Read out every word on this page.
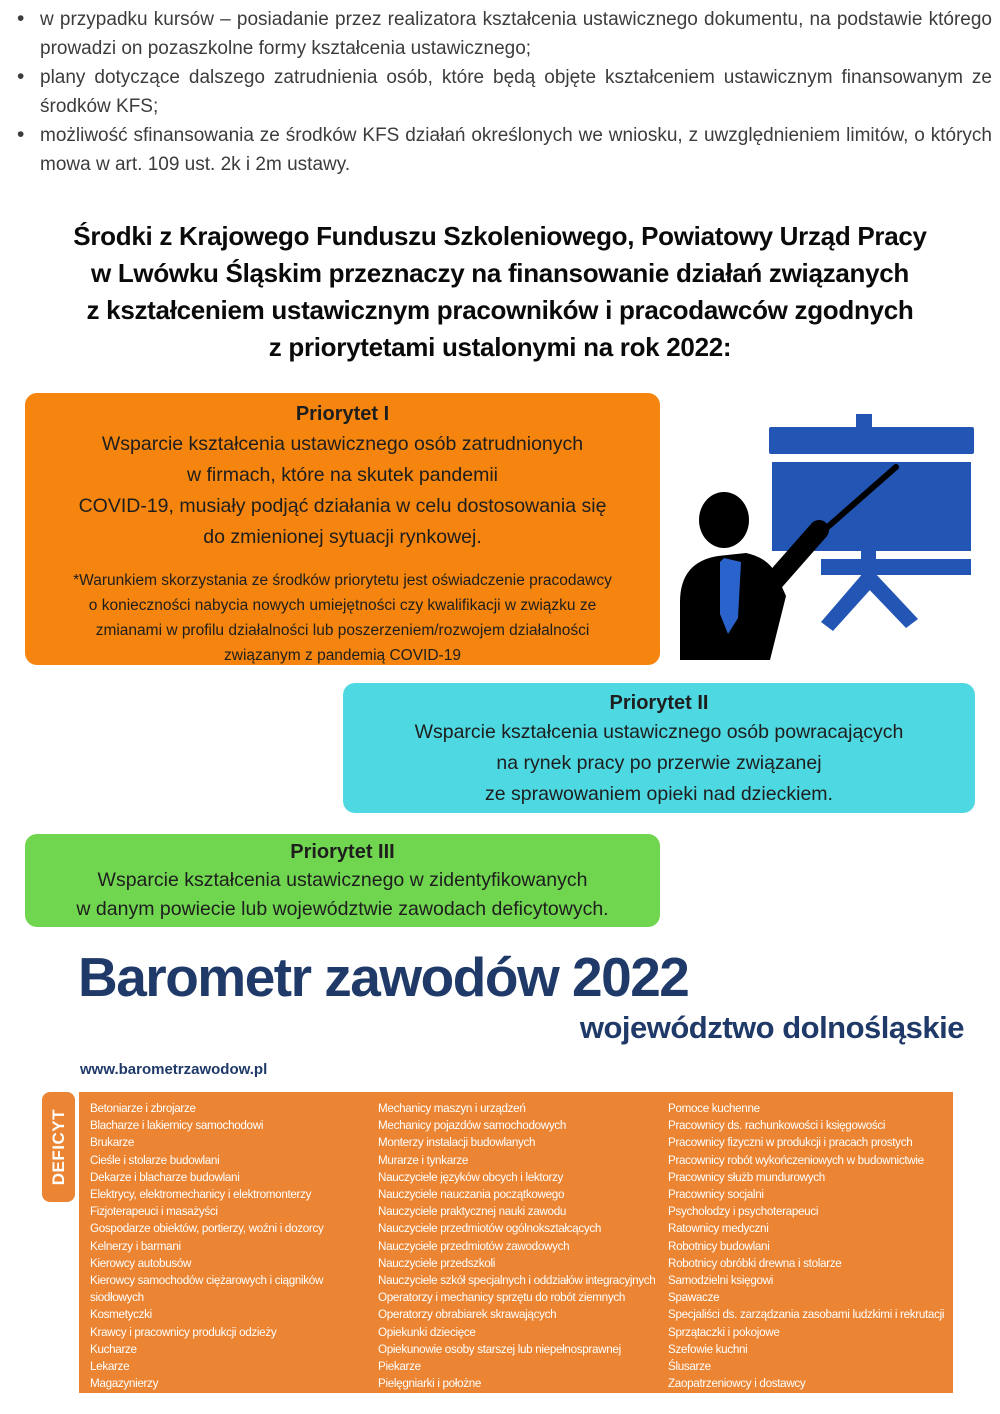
• w przypadku kursów – posiadanie przez realizatora kształcenia ustawicznego dokumentu, na podstawie którego prowadzi on pozaszkolne formy kształcenia ustawicznego;
• plany dotyczące dalszego zatrudnienia osób, które będą objęte kształceniem ustawicznym finansowanym ze środków KFS;
• możliwość sfinansowania ze środków KFS działań określonych we wniosku, z uwzględnieniem limitów, o których mowa w art. 109 ust. 2k i 2m ustawy.
Środki z Krajowego Funduszu Szkoleniowego, Powiatowy Urząd Pracy
w Lwówku Śląskim przeznaczy na finansowanie działań związanych
z kształceniem ustawicznym pracowników i pracodawców zgodnych
z priorytetami ustalonymi na rok 2022:
Priorytet I
Wsparcie kształcenia ustawicznego osób zatrudnionych
w firmach, które na skutek pandemii
COVID-19, musiały podjąć działania w celu dostosowania się
do zmienionej sytuacji rynkowej.
*Warunkiem skorzystania ze środków priorytetu jest oświadczenie pracodawcy
o konieczności nabycia nowych umiejętności czy kwalifikacji w związku ze
zmianami w profilu działalności lub poszerzeniem/rozwojem działalności
związanym z pandemią COVID-19
Priorytet II
Wsparcie kształcenia ustawicznego osób powracających
na rynek pracy po przerwie związanej
ze sprawowaniem opieki nad dzieckiem.
Priorytet III
Wsparcie kształcenia ustawicznego w zidentyfikowanych
w danym powiecie lub województwie zawodach deficytowych.
Barometr zawodów 2022
województwo dolnośląskie
www.barometrzawodow.pl
DEFICYT
Betoniarze i zbrojarze
Blacharze i lakiernicy samochodowi
Brukarze
Cieśle i stolarze budowlani
Dekarze i blacharze budowlani
Elektrycy, elektromechanicy i elektromonterzy
Fizjoterapeuci i masażyści
Gospodarze obiektów, portierzy, woźni i dozorcy
Kelnerzy i barmani
Kierowcy autobusów
Kierowcy samochodów ciężarowych i ciągników siodłowych
Kosmetyczki
Krawcy i pracownicy produkcji odzieży
Kucharze
Lekarze
Magazynierzy
Mechanicy maszyn i urządzeń
Mechanicy pojazdów samochodowych
Monterzy instalacji budowlanych
Murarze i tynkarze
Nauczyciele języków obcych i lektorzy
Nauczyciele nauczania początkowego
Nauczyciele praktycznej nauki zawodu
Nauczyciele przedmiotów ogólnokształcących
Nauczyciele przedmiotów zawodowych
Nauczyciele przedszkoli
Nauczyciele szkół specjalnych i oddziałów integracyjnych
Operatorzy i mechanicy sprzętu do robót ziemnych
Operatorzy obrabiarek skrawających
Opiekunki dziecięce
Opiekunowie osoby starszej lub niepełnosprawnej
Piekarze
Pielęgniarki i położne
Pomoce kuchenne
Pracownicy ds. rachunkowości i księgowości
Pracownicy fizyczni w produkcji i pracach prostych
Pracownicy robót wykończeniowych w budownictwie
Pracownicy służb mundurowych
Pracownicy socjalni
Psycholodzy i psychoterapeuci
Ratownicy medyczni
Robotnicy budowlani
Robotnicy obróbki drewna i stolarze
Samodzielni księgowi
Spawacze
Specjaliści ds. zarządzania zasobami ludzkimi i rekrutacji
Sprzątaczki i pokojowe
Szefowie kuchni
Ślusarze
Zaopatrzeniowcy i dostawcy
